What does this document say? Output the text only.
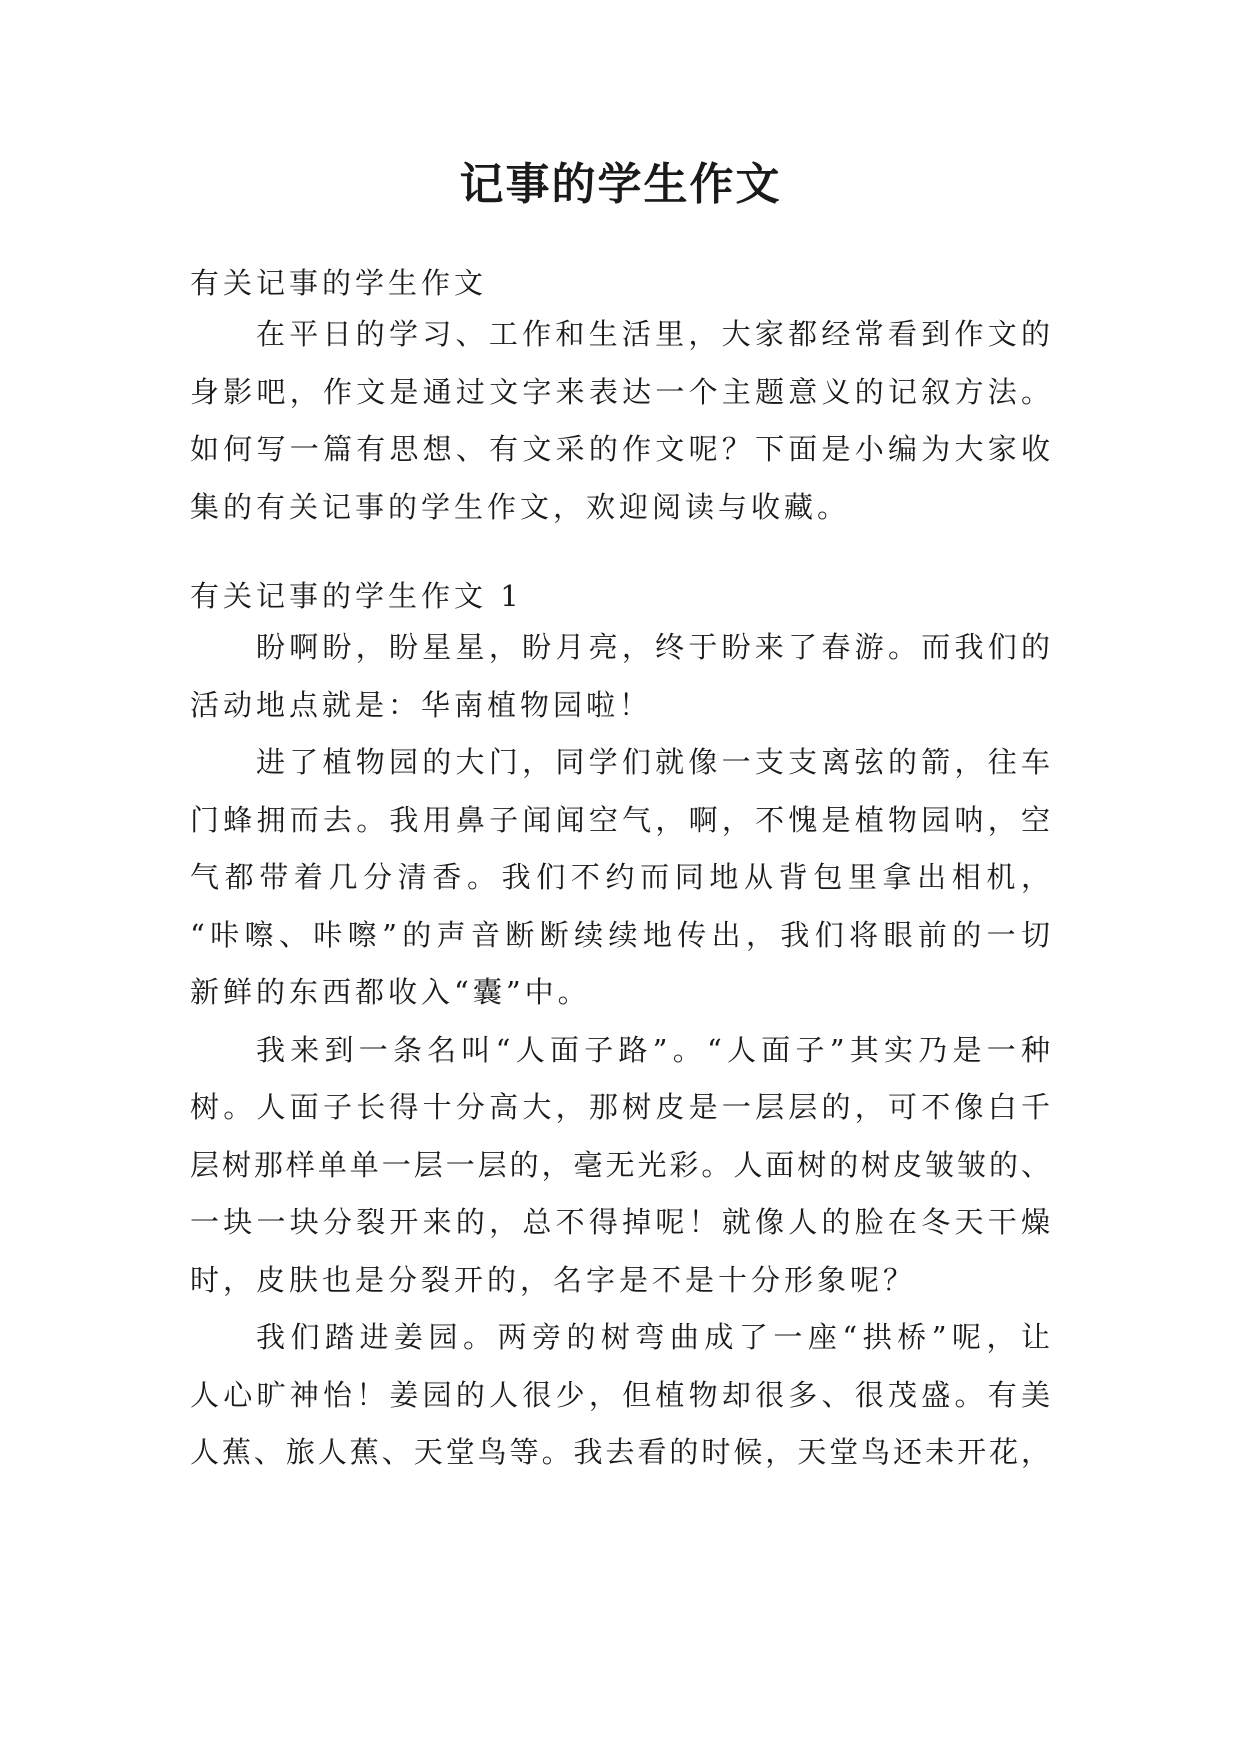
记事的学生作文
有关记事的学生作文
在平日的学习、工作和生活里，大家都经常看到作文的
身影吧，作文是通过文字来表达一个主题意义的记叙方法。
如何写一篇有思想、有文采的作文呢？下面是小编为大家收
集的有关记事的学生作文，欢迎阅读与收藏。
有关记事的学生作文 1
盼啊盼，盼星星，盼月亮，终于盼来了春游。而我们的
活动地点就是：华南植物园啦！
进了植物园的大门，同学们就像一支支离弦的箭，往车
门蜂拥而去。我用鼻子闻闻空气，啊，不愧是植物园呐，空
气都带着几分清香。我们不约而同地从背包里拿出相机，
“咔嚓、咔嚓”的声音断断续续地传出，我们将眼前的一切
新鲜的东西都收入“囊”中。
我来到一条名叫“人面子路”。“人面子”其实乃是一种
树。人面子长得十分高大，那树皮是一层层的，可不像白千
层树那样单单一层一层的，毫无光彩。人面树的树皮皱皱的、
一块一块分裂开来的，总不得掉呢！就像人的脸在冬天干燥
时，皮肤也是分裂开的，名字是不是十分形象呢？
我们踏进姜园。两旁的树弯曲成了一座“拱桥”呢，让
人心旷神怡！姜园的人很少，但植物却很多、很茂盛。有美
人蕉、旅人蕉、天堂鸟等。我去看的时候，天堂鸟还未开花，
